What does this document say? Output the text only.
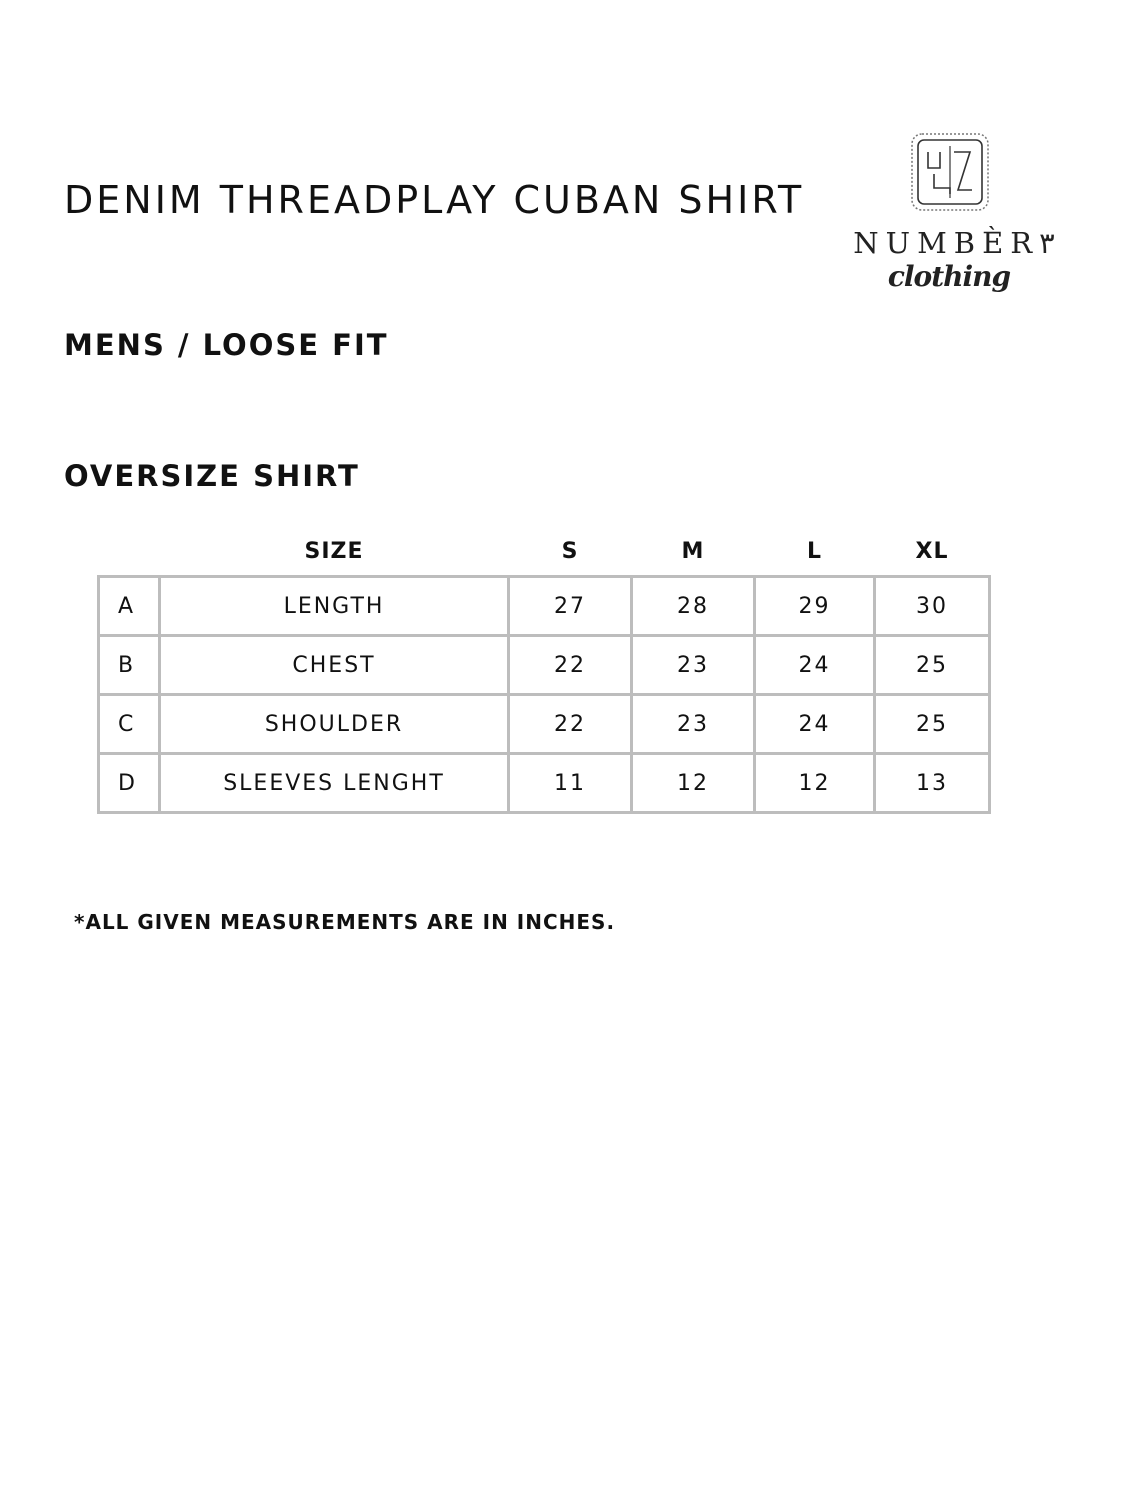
DENIM THREADPLAY CUBAN SHIRT
NUMBÈR٣
clothing
MENS / LOOSE FIT
OVERSIZE SHIRT
	SIZE	S	M	L	XL
A	LENGTH	27	28	29	30
B	CHEST	22	23	24	25
C	SHOULDER	22	23	24	25
D	SLEEVES LENGHT	11	12	12	13
*ALL GIVEN MEASUREMENTS ARE IN INCHES.
